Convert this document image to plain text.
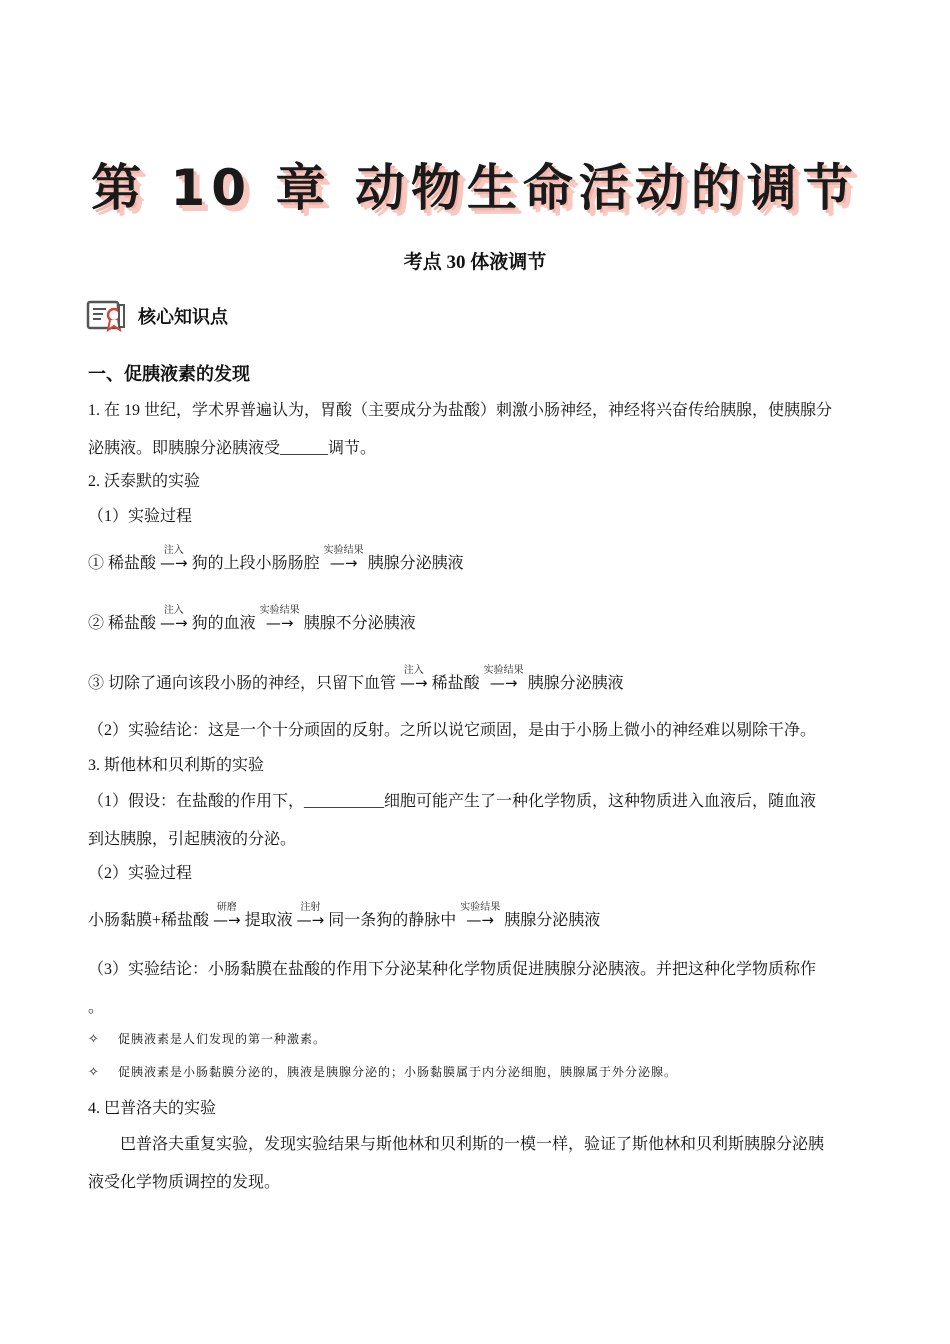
第 10 章 动物生命活动的调节
考点 30 体液调节
核心知识点
一、促胰液素的发现
1. 在 19 世纪，学术界普遍认为，胃酸（主要成分为盐酸）刺激小肠神经，神经将兴奋传给胰腺，使胰腺分
泌胰液。即胰腺分泌胰液受______调节。
2. 沃泰默的实验
（1）实验过程
① 稀盐酸
注入
—→ 狗的上段小肠肠腔
实验结果
—→ 胰腺分泌胰液
② 稀盐酸
注入
—→ 狗的血液
实验结果
—→ 胰腺不分泌胰液
③ 切除了通向该段小肠的神经，只留下血管
注入
—→ 稀盐酸
实验结果
—→ 胰腺分泌胰液
（2）实验结论：这是一个十分顽固的反射。之所以说它顽固，是由于小肠上微小的神经难以剔除干净。
3. 斯他林和贝利斯的实验
（1）假设：在盐酸的作用下，__________细胞可能产生了一种化学物质，这种物质进入血液后，随血液
到达胰腺，引起胰液的分泌。
（2）实验过程
小肠黏膜+稀盐酸
研磨
—→ 提取液
注射
—→ 同一条狗的静脉中
实验结果
—→ 胰腺分泌胰液
（3）实验结论：小肠黏膜在盐酸的作用下分泌某种化学物质促进胰腺分泌胰液。并把这种化学物质称作
。
✧ 促胰液素是人们发现的第一种激素。
✧ 促胰液素是小肠黏膜分泌的，胰液是胰腺分泌的；小肠黏膜属于内分泌细胞，胰腺属于外分泌腺。
4. 巴普洛夫的实验
巴普洛夫重复实验，发现实验结果与斯他林和贝利斯的一模一样，验证了斯他林和贝利斯胰腺分泌胰
液受化学物质调控的发现。
